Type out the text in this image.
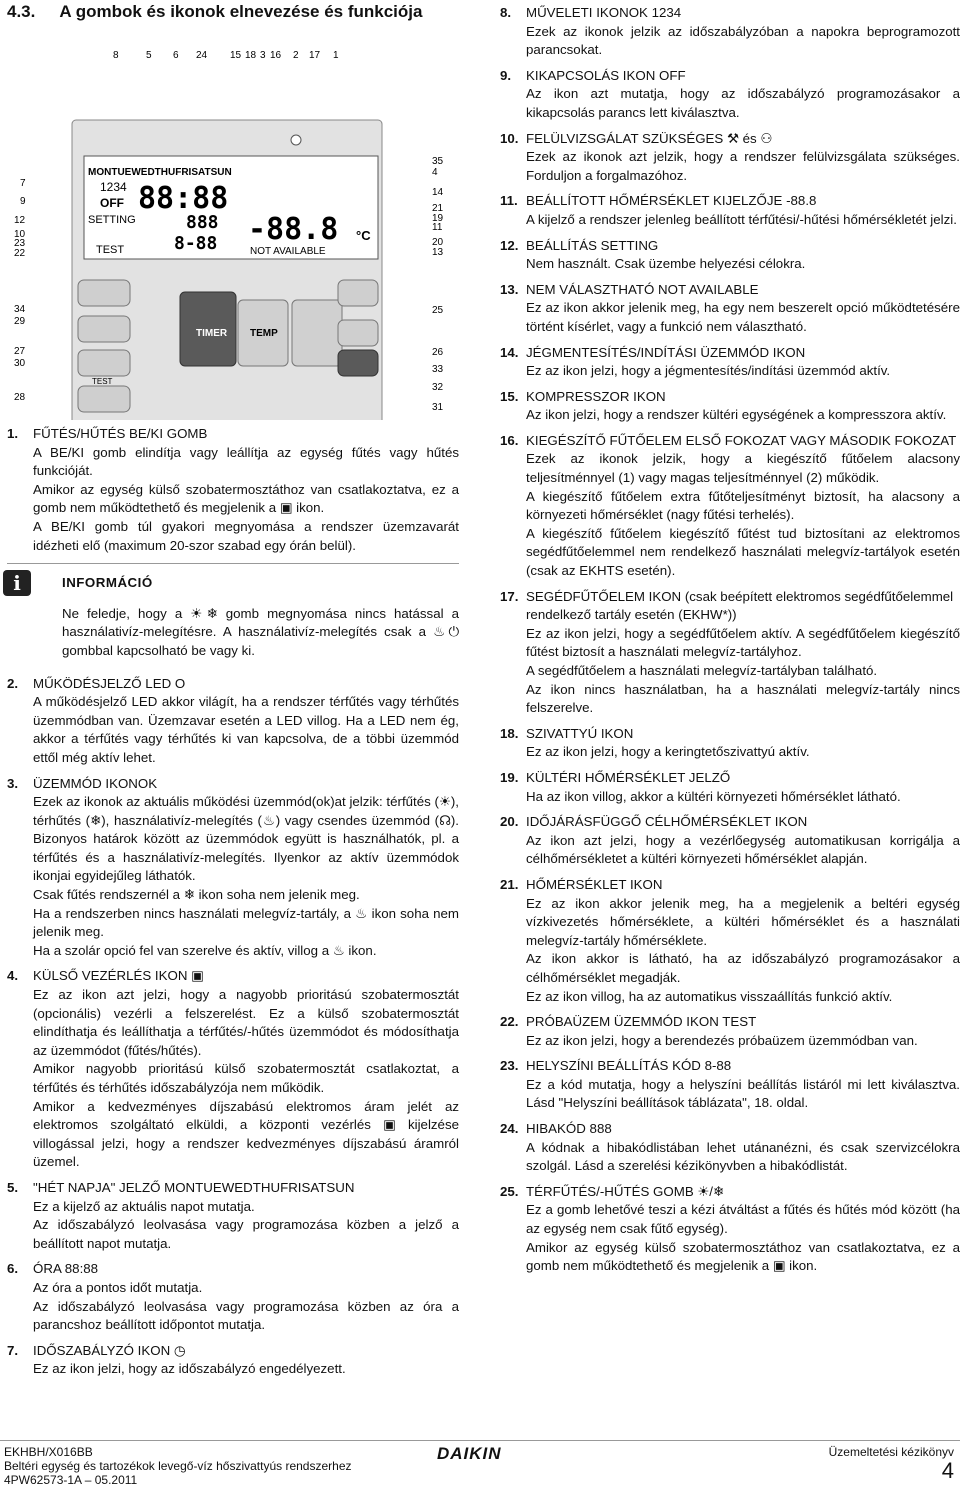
4.3. A gombok és ikonok elnevezése és funkciója
MONTUEWEDTHUFRISATSUN
1234
OFF
SETTING
TEST
88:88
888
8-88 -88.8 °C
NOT AVAILABLE
TEST
TIMER TEMP
8	5 6 24 15 18 3 16 2 17 1
7
9
12
10
23
22
34
29
27
30
28
35
4
14
21
19
11
20
13
25
26
33
32
31
1.	FŰTÉS/HŰTÉS BE/KI GOMB

A BE/KI gomb elindítja vagy leállítja az egység fűtés vagy hűtés funkcióját.

Amikor az egység külső szobatermosztáthoz van csatlakoztatva, ez a gomb nem működtethető és megjelenik a ▣ ikon.

A BE/KI gomb túl gyakori megnyomása a rendszer üzemzavarát idézheti elő (maximum 20-szor szabad egy órán belül).

i	INFORMÁCIÓ

Ne feledje, hogy a ☀❄ gomb megnyomása nincs hatással a használativíz-melegítésre. A használativíz-melegítés csak a ♨⏻ gombbal kapcsolható be vagy ki.

2.	MŰKÖDÉSJELZŐ LED O

A működésjelző LED akkor világít, ha a rendszer térfűtés vagy térhűtés üzemmódban van. Üzemzavar esetén a LED villog. Ha a LED nem ég, akkor a térfűtés vagy térhűtés ki van kapcsolva, de a többi üzemmód ettől még aktív lehet.

3.	ÜZEMMÓD IKONOK

Ezek az ikonok az aktuális működési üzemmód(ok)at jelzik: térfűtés (☀), térhűtés (❄), használativíz-melegítés (♨) vagy csendes üzemmód (☊). Bizonyos határok között az üzemmódok együtt is használhatók, pl. a térfűtés és a használativíz-melegítés. Ilyenkor az aktív üzemmódok ikonjai egyidejűleg láthatók.

Csak fűtés rendszernél a ❄ ikon soha nem jelenik meg.

Ha a rendszerben nincs használati melegvíz-tartály, a ♨ ikon soha nem jelenik meg.

Ha a szolár opció fel van szerelve és aktív, villog a ♨ ikon.

4.	KÜLSŐ VEZÉRLÉS IKON ▣

Ez az ikon azt jelzi, hogy a nagyobb prioritású szobatermosztát (opcionális) vezérli a felszerelést. Ez a külső szobatermosztát elindíthatja és leállíthatja a térfűtés/-hűtés üzemmódot és módosíthatja az üzemmódot (fűtés/hűtés).

Amikor nagyobb prioritású külső szobatermosztát csatlakoztat, a térfűtés és térhűtés időszabályzója nem működik.

Amikor a kedvezményes díjszabású elektromos áram jelét az elektromos szolgáltató elküldi, a központi vezérlés ▣ kijelzése villogással jelzi, hogy a rendszer kedvezményes díjszabású áramról üzemel.

5.	"HÉT NAPJA" JELZŐ MONTUEWEDTHUFRISATSUN

Ez a kijelző az aktuális napot mutatja.

Az időszabályzó leolvasása vagy programozása közben a jelző a beállított napot mutatja.

6.	ÓRA 88:88

Az óra a pontos időt mutatja.

Az időszabályzó leolvasása vagy programozása közben az óra a parancshoz beállított időpontot mutatja.

7.	IDŐSZABÁLYZÓ IKON ◷

Ez az ikon jelzi, hogy az időszabályzó engedélyezett.

8.	MŰVELETI IKONOK 1234

Ezek az ikonok jelzik az időszabályzóban a napokra beprogramozott parancsokat.

9.	KIKAPCSOLÁS IKON OFF

Az ikon azt mutatja, hogy az időszabályzó programozásakor a kikapcsolás parancs lett kiválasztva.

10. FELÜLVIZSGÁLAT SZÜKSÉGES ⚒ és ⚇

Ezek az ikonok azt jelzik, hogy a rendszer felülvizsgálata szükséges. Forduljon a forgalmazóhoz.

11. BEÁLLÍTOTT HŐMÉRSÉKLET KIJELZŐJE -88.8

A kijelző a rendszer jelenleg beállított térfűtési/-hűtési hőmérsékletét jelzi.

12. BEÁLLÍTÁS SETTING

Nem használt. Csak üzembe helyezési célokra.

13. NEM VÁLASZTHATÓ NOT AVAILABLE

Ez az ikon akkor jelenik meg, ha egy nem beszerelt opció működtetésére történt kísérlet, vagy a funkció nem választható.

14. JÉGMENTESÍTÉS/INDÍTÁSI ÜZEMMÓD IKON

Ez az ikon jelzi, hogy a jégmentesítés/indítási üzemmód aktív.

15. KOMPRESSZOR IKON

Az ikon jelzi, hogy a rendszer kültéri egységének a kompresszora aktív.

16. KIEGÉSZÍTŐ FŰTŐELEM ELSŐ FOKOZAT VAGY MÁSODIK FOKOZAT

Ezek az ikonok jelzik, hogy a kiegészítő fűtőelem alacsony teljesítménnyel (1) vagy magas teljesítménnyel (2) működik.

A kiegészítő fűtőelem extra fűtőteljesítményt biztosít, ha alacsony a környezeti hőmérséklet (nagy fűtési terhelés).

A kiegészítő fűtőelem kiegészítő fűtést tud biztosítani az elektromos segédfűtőelemmel nem rendelkező használati melegvíz-tartályok esetén (csak az EKHTS esetén).

17. SEGÉDFŰTŐELEM IKON (csak beépített elektromos segédfűtőelemmel rendelkező tartály esetén (EKHW*))

Ez az ikon jelzi, hogy a segédfűtőelem aktív. A segédfűtőelem kiegészítő fűtést biztosít a használati melegvíz-tartályhoz.

A segédfűtőelem a használati melegvíz-tartályban található.

Az ikon nincs használatban, ha a használati melegvíz-tartály nincs felszerelve.

18. SZIVATTYÚ IKON

Ez az ikon jelzi, hogy a keringtetőszivattyú aktív.

19. KÜLTÉRI HŐMÉRSÉKLET JELZŐ

Ha az ikon villog, akkor a kültéri környezeti hőmérséklet látható.

20. IDŐJÁRÁSFÜGGŐ CÉLHŐMÉRSÉKLET IKON

Az ikon azt jelzi, hogy a vezérlőegység automatikusan korrigálja a célhőmérsékletet a kültéri környezeti hőmérséklet alapján.

21. HŐMÉRSÉKLET IKON

Ez az ikon akkor jelenik meg, ha a megjelenik a beltéri egység vízkivezetés hőmérséklete, a kültéri hőmérséklet és a használati melegvíz-tartály hőmérséklete.

Az ikon akkor is látható, ha az időszabályzó programozásakor a célhőmérséklet megadják.

Ez az ikon villog, ha az automatikus visszaállítás funkció aktív.

22. PRÓBAÜZEM ÜZEMMÓD IKON TEST

Ez az ikon jelzi, hogy a berendezés próbaüzem üzemmódban van.

23. HELYSZÍNI BEÁLLÍTÁS KÓD 8-88

Ez a kód mutatja, hogy a helyszíni beállítás listáról mi lett kiválasztva. Lásd "Helyszíni beállítások táblázata", 18. oldal.

24. HIBAKÓD 888

A kódnak a hibakódlistában lehet utánanézni, és csak szervizcélokra szolgál. Lásd a szerelési kézikönyvben a hibakódlistát.

25. TÉRFŰTÉS/-HŰTÉS GOMB ☀/❄

Ez a gomb lehetővé teszi a kézi átváltást a fűtés és hűtés mód között (ha az egység nem csak fűtő egység).

Amikor az egység külső szobatermosztáthoz van csatlakoztatva, ez a gomb nem működtethető és megjelenik a ▣ ikon.

EKHBH/X016BB
Beltéri egység és tartozékok levegő-víz hőszivattyús rendszerhez
4PW62573-1A – 05.2011
DAIKIN	Üzemeltetési kézikönyv
4
